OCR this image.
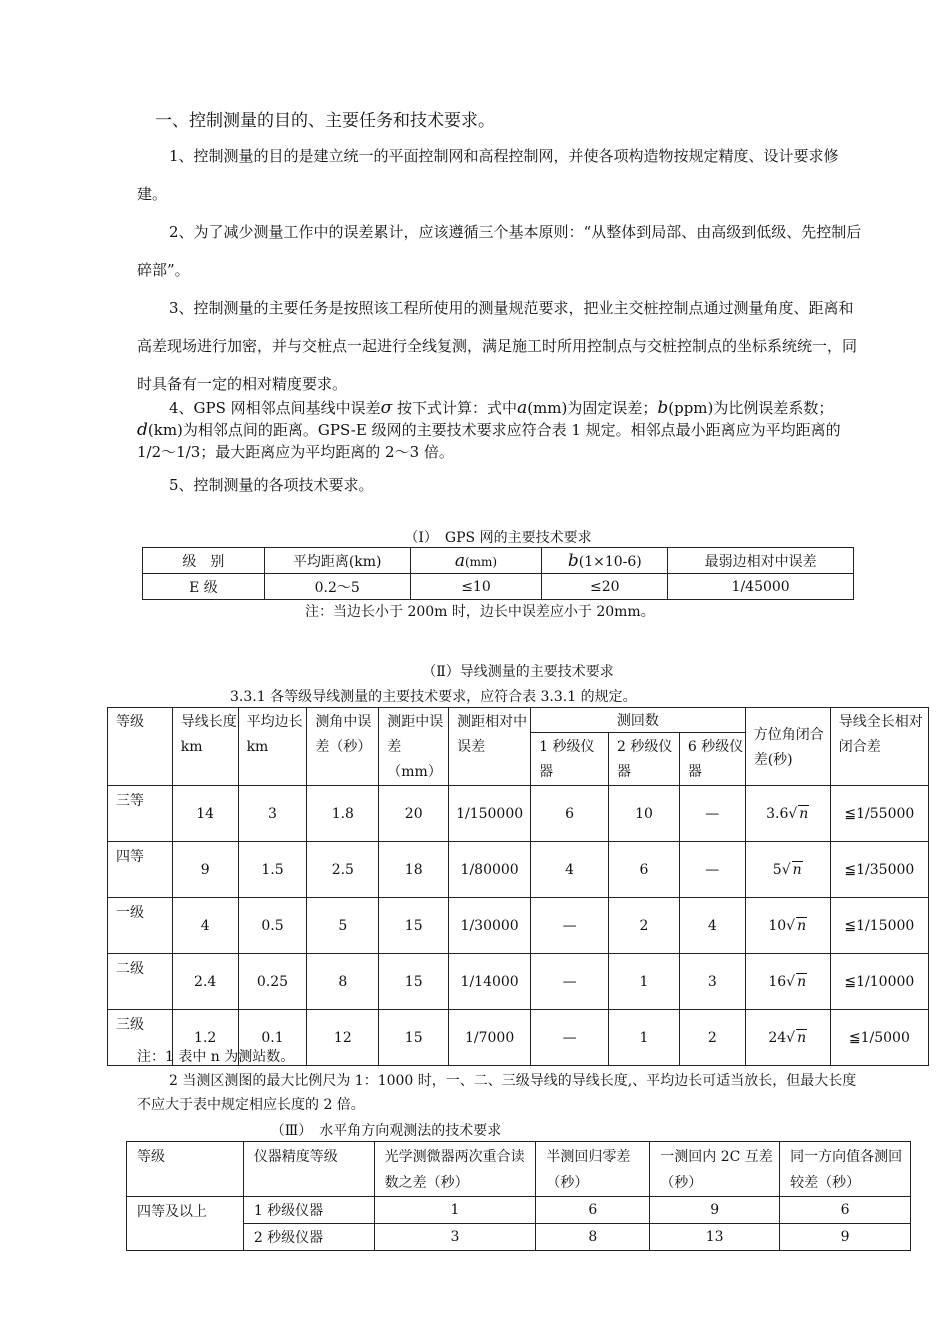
一、控制测量的目的、主要任务和技术要求。
1、控制测量的目的是建立统一的平面控制网和高程控制网，并使各项构造物按规定精度、设计要求修建。
2、为了减少测量工作中的误差累计，应该遵循三个基本原则：“从整体到局部、由高级到低级、先控制后碎部”。
3、控制测量的主要任务是按照该工程所使用的测量规范要求，把业主交桩控制点通过测量角度、距离和高差现场进行加密，并与交桩点一起进行全线复测，满足施工时所用控制点与交桩控制点的坐标系统统一，同时具备有一定的相对精度要求。
4、GPS 网相邻点间基线中误差σ 按下式计算：式中a(mm)为固定误差；b(ppm)为比例误差系数；d(km)为相邻点间的距离。GPS-E 级网的主要技术要求应符合表 1 规定。相邻点最小距离应为平均距离的 1/2～1/3；最大距离应为平均距离的 2～3 倍。
5、控制测量的各项技术要求。
（Ⅰ）　GPS 网的主要技术要求
级　别	平均距离(km)	a(mm)	b(1×10-6)	最弱边相对中误差
E 级	0.2～5	≤10	≤20	1/45000
注：当边长小于 200m 时，边长中误差应小于 20mm。
（Ⅱ）导线测量的主要技术要求
3.3.1 各等级导线测量的主要技术要求，应符合表 3.3.1 的规定。
等级	导线长度 km	平均边长 km	测角中误　差（秒）	测距中误差（mm）	测距相对中误差	测回数			方位角闭合差(秒)	导线全长相对闭合差
						1 秒级仪器	2 秒级仪器	6 秒级仪器		
三等	14	3	1.8	20	1/150000	6	10	—	3.6√ n	≦1/55000
四等	9	1.5	2.5	18	1/80000	4	6	—	5√ n	≦1/35000
一级	4	0.5	5	15	1/30000	—	2	4	10√ n	≦1/15000
二级	2.4	0.25	8	15	1/14000	—	1	3	16√ n	≦1/10000
三级	1.2	0.1	12	15	1/7000	—	1	2	24√ n	≦1/5000
注：1 表中 n 为测站数。
2 当测区测图的最大比例尺为 1：1000 时，一、二、三级导线的导线长度,、平均边长可适当放长，但最大长度不应大于表中规定相应长度的 2 倍。
（Ⅲ）　水平角方向观测法的技术要求
等级	仪器精度等级	光学测微器两次重合读数之差（秒）	半测回归零差（秒）	一测回内 2C 互差（秒）	同一方向值各测回较差（秒）
四等及以上	1 秒级仪器	1	6	9	6
	2 秒级仪器	3	8	13	9
